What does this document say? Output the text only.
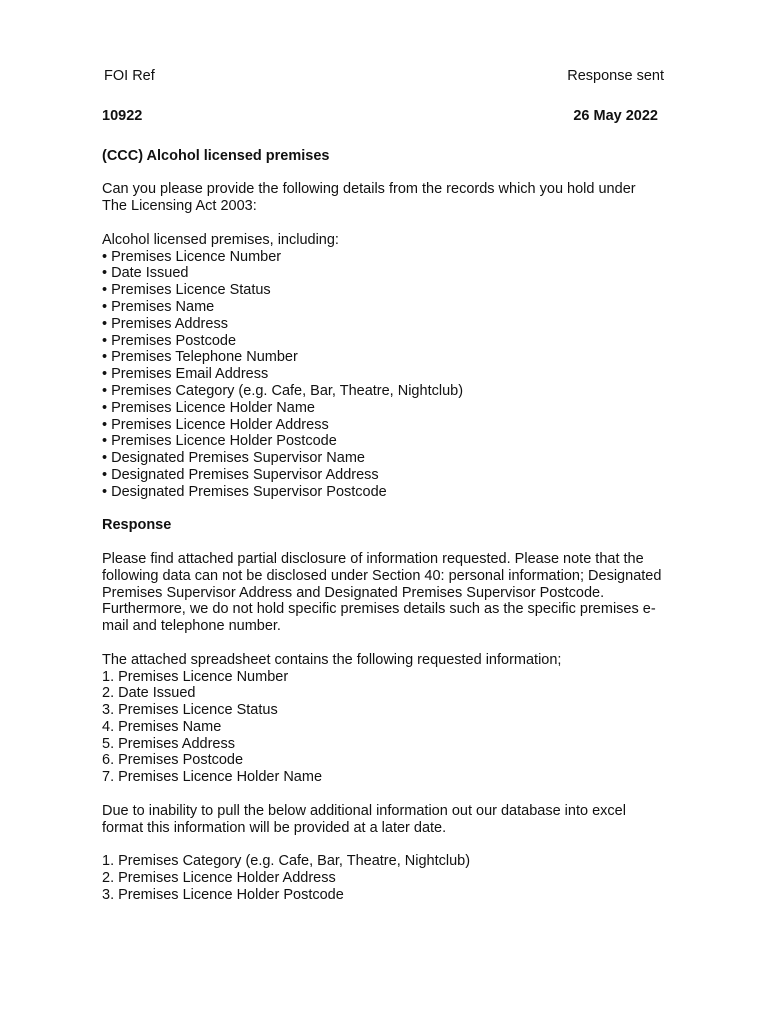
FOI Ref	Response sent
10922	26 May 2022
(CCC) Alcohol licensed premises

Can you please provide the following details from the records which you hold under The Licensing Act 2003:

Alcohol licensed premises, including:
• Premises Licence Number
• Date Issued
• Premises Licence Status
• Premises Name
• Premises Address
• Premises Postcode
• Premises Telephone Number
• Premises Email Address
• Premises Category (e.g. Cafe, Bar, Theatre, Nightclub)
• Premises Licence Holder Name
• Premises Licence Holder Address
• Premises Licence Holder Postcode
• Designated Premises Supervisor Name
• Designated Premises Supervisor Address
• Designated Premises Supervisor Postcode
Response

Please find attached partial disclosure of information requested. Please note that the following data can not be disclosed under Section 40: personal information; Designated Premises Supervisor Address and Designated Premises Supervisor Postcode. Furthermore, we do not hold specific premises details such as the specific premises e-mail and telephone number.

The attached spreadsheet contains the following requested information;
1. Premises Licence Number
2. Date Issued
3. Premises Licence Status
4. Premises Name
5. Premises Address
6. Premises Postcode
7. Premises Licence Holder Name

Due to inability to pull the below additional information out our database into excel format this information will be provided at a later date.

1. Premises Category (e.g. Cafe, Bar, Theatre, Nightclub)
2. Premises Licence Holder Address
3. Premises Licence Holder Postcode
